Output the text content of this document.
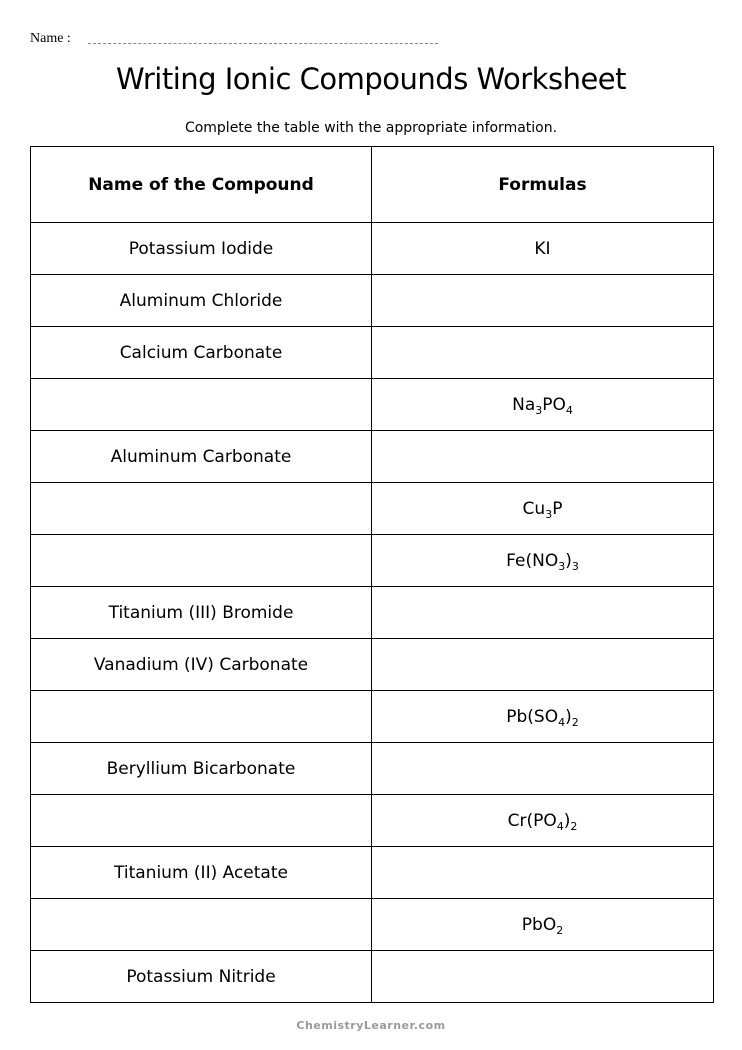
Name :
Writing Ionic Compounds Worksheet
Complete the table with the appropriate information.
Name of the Compound	Formulas
Potassium Iodide	KI
Aluminum Chloride	
Calcium Carbonate	
	$Na_3PO_4$
Aluminum Carbonate	
	$Cu_3P$
	$Fe(NO_3)_3$
Titanium (III) Bromide	
Vanadium (IV) Carbonate	
	$Pb(SO_4)_2$
Beryllium Bicarbonate	
	$Cr(PO_4)_2$
Titanium (II) Acetate	
	PbO$_2$
Potassium Nitride	
ChemistryLearner.com
